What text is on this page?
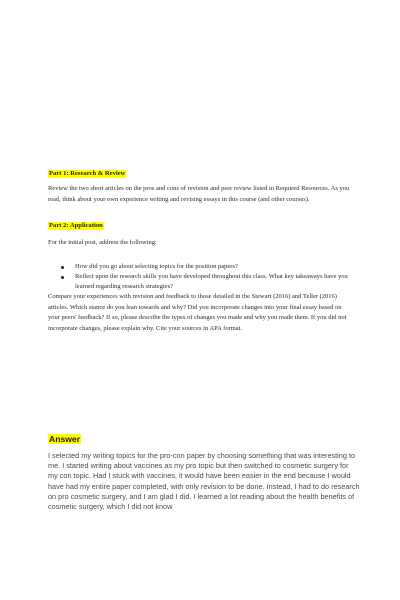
Part 1: Research & Review
Review the two short articles on the pros and cons of revision and peer review listed in Required Resources. As you read, think about your own experience writing and revising essays in this course (and other courses).
Part 2: Application
For the initial post, address the following:
How did you go about selecting topics for the position papers?
Reflect upon the research skills you have developed throughout this class. What key takeaways have you learned regarding research strategies?
Compare your experiences with revision and feedback to those detailed in the Stewart (2016) and Teller (2016) articles. Which stance do you lean towards and why? Did you incorporate changes into your final essay based on your peers' feedback? If so, please describe the types of changes you made and why you made them. If you did not incorporate changes, please explain why. Cite your sources in APA format.
Answer
I selected my writing topics for the pro-con paper by choosing something that was interesting to me. I started writing about vaccines as my pro topic but then switched to cosmetic surgery for my con topic. Had I stuck with vaccines, it would have been easier in the end because I would have had my entire paper completed, with only revision to be done. Instead, I had to do research on pro cosmetic surgery, and I am glad I did. I learned a lot reading about the health benefits of cosmetic surgery, which I did not know
